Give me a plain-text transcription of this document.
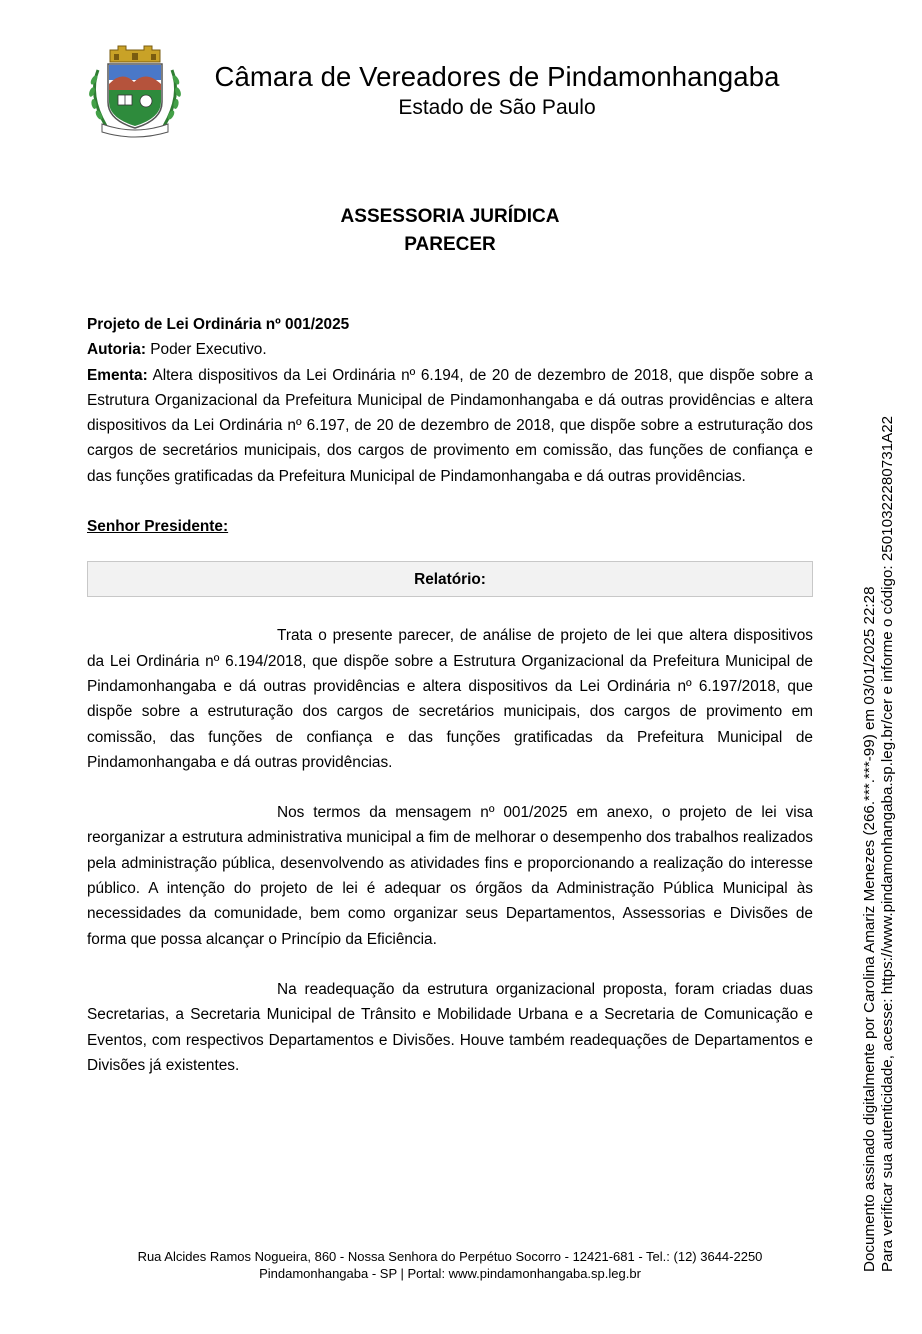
Câmara de Vereadores de Pindamonhangaba
Estado de São Paulo
ASSESSORIA JURÍDICA
PARECER

Projeto de Lei Ordinária nº 001/2025

Autoria: Poder Executivo.

Ementa: Altera dispositivos da Lei Ordinária nº 6.194, de 20 de dezembro de 2018, que dispõe sobre a Estrutura Organizacional da Prefeitura Municipal de Pindamonhangaba e dá outras providências e altera dispositivos da Lei Ordinária nº 6.197, de 20 de dezembro de 2018, que dispõe sobre a estruturação dos cargos de secretários municipais, dos cargos de provimento em comissão, das funções de confiança e das funções gratificadas da Prefeitura Municipal de Pindamonhangaba e dá outras providências.

Senhor Presidente:

Relatório:

Trata o presente parecer, de análise de projeto de lei que altera dispositivos da Lei Ordinária nº 6.194/2018, que dispõe sobre a Estrutura Organizacional da Prefeitura Municipal de Pindamonhangaba e dá outras providências e altera dispositivos da Lei Ordinária nº 6.197/2018, que dispõe sobre a estruturação dos cargos de secretários municipais, dos cargos de provimento em comissão, das funções de confiança e das funções gratificadas da Prefeitura Municipal de Pindamonhangaba e dá outras providências.

Nos termos da mensagem nº 001/2025 em anexo, o projeto de lei visa reorganizar a estrutura administrativa municipal a fim de melhorar o desempenho dos trabalhos realizados pela administração pública, desenvolvendo as atividades fins e proporcionando a realização do interesse público. A intenção do projeto de lei é adequar os órgãos da Administração Pública Municipal às necessidades da comunidade, bem como organizar seus Departamentos, Assessorias e Divisões de forma que possa alcançar o Princípio da Eficiência.

Na readequação da estrutura organizacional proposta, foram criadas duas Secretarias, a Secretaria Municipal de Trânsito e Mobilidade Urbana e a Secretaria de Comunicação e Eventos, com respectivos Departamentos e Divisões. Houve também readequações de Departamentos e Divisões já existentes.

Rua Alcides Ramos Nogueira, 860 - Nossa Senhora do Perpétuo Socorro - 12421-681 - Tel.: (12) 3644-2250
Pindamonhangaba - SP | Portal: www.pindamonhangaba.sp.leg.br
Documento assinado digitalmente por Carolina Amariz Menezes (266.***.***-99) em 03/01/2025 22:28 Para verificar sua autenticidade, acesse: https://www.pindamonhangaba.sp.leg.br/cer e informe o código: 25010322280731A22
